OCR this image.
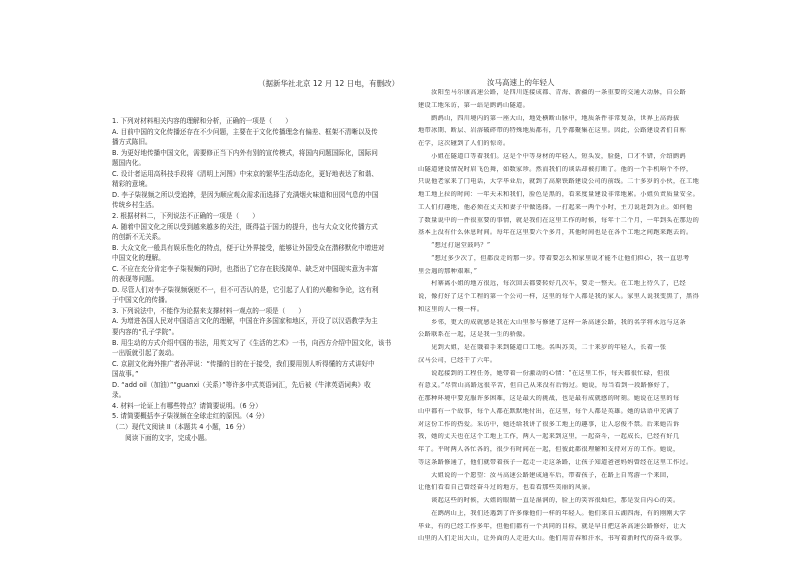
（据新华社北京 12 月 12 日电，有删改）	汝马高速上的年轻人
1. 下列对材料相关内容的理解和分析，正确的一项是（　　）
A. 目前中国的文化传播还存在不少问题，主要在于文化传播理念有偏差、框架不清晰以及传
播方式陈旧。
B. 为更好地传播中国文化，需要修正当下内外有别的宣传模式，将国内问题国际化，国际问
题国内化。
C. 设计者运用高科技手段将《清明上河图》中宋京的繁华生活动态化，更好地表达了和谐、
精彩的意境。
D. 李子柒视频之所以受追捧，是因为顺应观众需求而选择了充满烟火味道和田园气息的中国
传统乡村生活。
2. 根据材料二，下列说法不正确的一项是（　　）
A. 随着中国文化之所以受到越来越多的关注，既得益于国力的提升，也与大众文化传播方式
的创新不无关系。
B. 大众文化一般具有娱乐性化的特点，便于让外界接受，能够让外国受众在潜移默化中增进对
中国文化的理解。
C. 不应在充分肯定李子柒视频的同时，也指出了它存在肤浅简单、缺乏对中国现实意为丰富
的表现等问题。
D. 尽管人们对李子柒视频褒贬不一，但不可否认的是，它引起了人们的兴趣和争论，这有利
于中国文化的传播。
3. 下列说法中，不能作为论据来支撑材料一观点的一项是（　　）
A. 为增进各国人民对中国语言文化的理解，中国在许多国家和地区，开设了以汉语教学为主
要内容的“孔子学院”。
B. 用生动的方式介绍中国的书法，用英文写了《生活的艺术》一书，向西方介绍中国文化，该书
一出版就引起了轰动。
C. 京剧文化海外推广者孙萍说：“传播的目的在于接受，我们要用别人听得懂的方式讲好中
国故事。”
D. “add oil（加油）”“guanxi（关系）”等许多中式英语词汇，先后被《牛津英语词典》收
录。
4. 材料一论证上有哪些特点？请简要说明。（6 分）
5. 请简要概括李子柒视频在全球走红的原因。（4 分）
（二）现代文阅读 II（本题共 4 小题，16 分）
　　阅读下面的文字，完成小题。
　　汝阳至马尔康高速公路，是四川连接成都、青海、新疆的一条重要的交通大动脉，自公路
建设工地采访，第一站是鹧鸪山隧道。
　　鹧鸪山，四川境内的第一座大山，地处横断山脉中，地质条件非常复杂，世界上高海拔
地带冰期、断层、岩溶破碎带的特殊地质都有，几乎都聚集在这里。因此，公路建设者们自称
在学，这次碰到了人们的惊奇。
　　小姐在隧道口等着我们。这是个中等身材的年轻人，短头发，脸挺，口才不错，介绍鹧鸪
山隧道建设情况时眉飞色舞，如数家珍。然而我们的谈话却被打断了。他的一个手机响个不停，
只说他老家来了门电话，大学毕业后，就到了高原铁路建设公司的前线。二十多岁的小伙，在工地
地工地上拉的时间：一年天未和我们，脸色是黑的，看来度量建设非常地累。小姐负责质量安全。
工人们打趣地，他必须在丈夫和妻子中做选择。一打起来一两个小时，主刀说赶到为止。如何他
了数量说中的一件很重要的事情，就是我们在这里工作的时候，每年十二个月，一年到头在那边的
基本上没有什么休息时间。每年在这里要六个多月，其他时间也是在各个工地之间跑来跑去的。
　　“想过打退堂鼓吗？”
　　“想过多少次了，但都没走的那一步。带着要怎么和家里说才能不让他们担心，我一直思考
里会遇的那种艰难，”
　　村寨离小姐的地方很远，每次回去都要转好几次车，要走一整天。在工地上待久了，已经
说，像打好了这个工程的第一个公司一样，这里的每个人都是我的家人。家里人说我变黑了，黑得
和这里的人一模一样。
　　乡邻，更大的成就感是我在大山里参与修建了这样一条高速公路，我的名字将永远与这条
公路联系在一起，这是我一生的骄傲。
　　见到大姐，是在饿着手来到隧道口工地。名叫苏美，二十来岁的年轻人，长着一张
汉马公司，已经干了六年。
　　说起接到的工程任务，她带着一份激动的心情：“在这里工作，每天都很忙碌，但很
有意义。”尽管山高路远很辛苦，但自己从来没有后悔过。她说，每当看到一段路修好了，
在那种环境中要克服许多困难，这是最大的挑战，也是最有成就感的时刻。她说在这里的每
山中都有一个故事，每个人都在默默地付出，在这里，每个人都是英雄。她的话语中充满了
对这份工作的热爱。采访中，她还给我讲了很多工地上的趣事，让人忍俊不禁。后来她告诉
我，她的丈夫也在这个工地上工作，两人一起来到这里，一起奋斗，一起成长，已经有好几
年了。平时两人各忙各的，很少有时间在一起，但彼此都很理解和支持对方的工作。她说，
等这条路修通了，他们就带着孩子一起走一走这条路，让孩子知道爸爸妈妈曾经在这里工作过。
　　大姐说的一个愿望：汝马高速公路建成通车后，带着孩子，在路上自驾游一个来回，
让他们看看自己曾经奋斗过的地方，也看看那些美丽的风景。
　　谈起这些的时候，大姐的眼睛一直是湿润的，脸上的笑容很灿烂，那是发自内心的笑。
　　在鹧鸪山上，我们还遇到了许多像他们一样的年轻人。他们来自五湖四海，有的刚刚大学
毕业，有的已经工作多年，但他们都有一个共同的目标，就是早日把这条高速公路修好，让大
山里的人们走出大山，让外面的人走进大山。他们用青春和汗水，书写着新时代的奋斗故事。
